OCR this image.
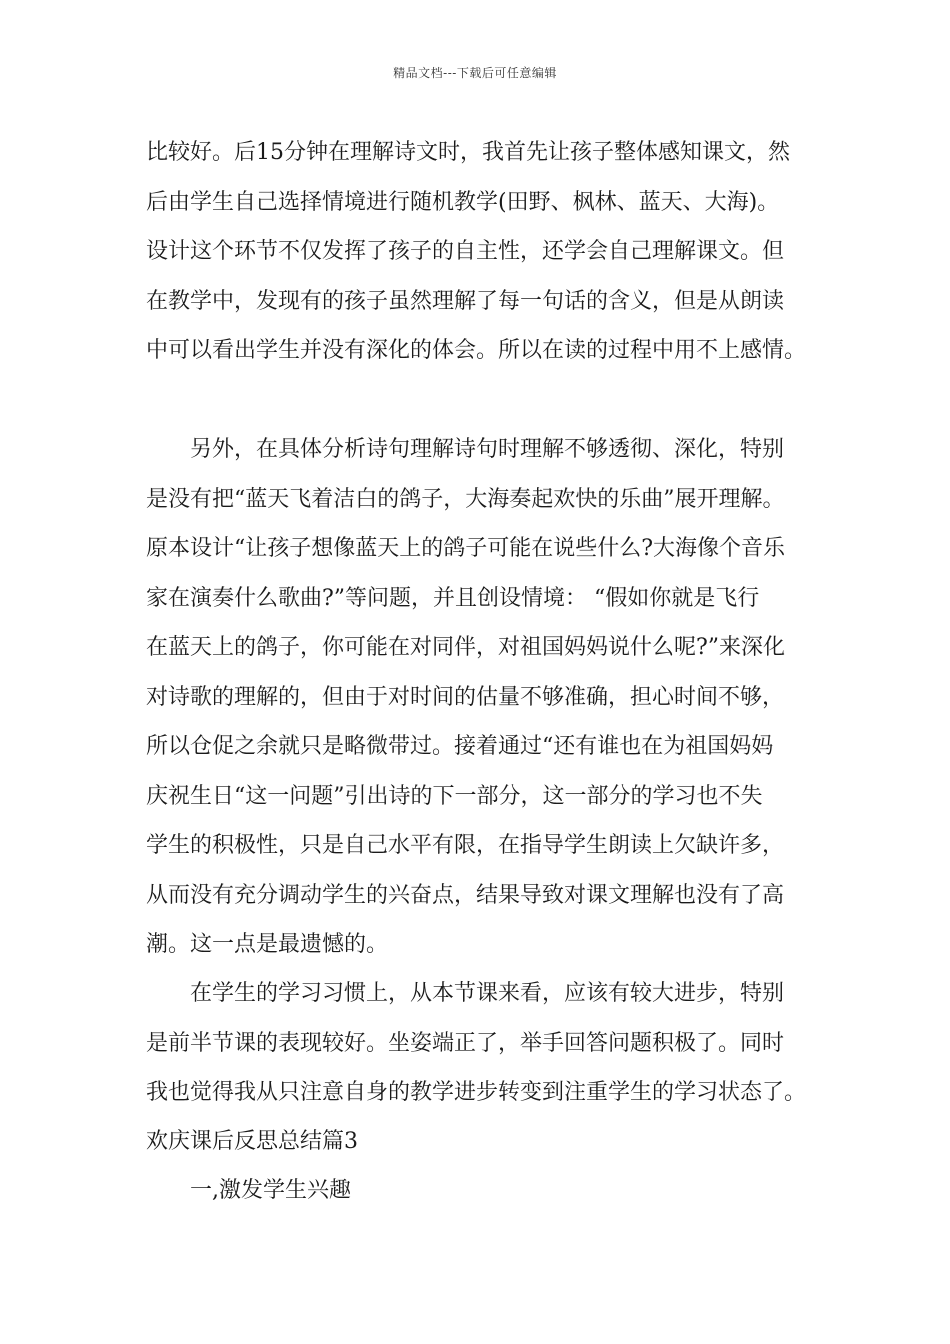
精品文档---下载后可任意编辑
比较好。后15分钟在理解诗文时，我首先让孩子整体感知课文，然
后由学生自己选择情境进行随机教学(田野、枫林、蓝天、大海)。
设计这个环节不仅发挥了孩子的自主性，还学会自己理解课文。但
在教学中，发现有的孩子虽然理解了每一句话的含义，但是从朗读
中可以看出学生并没有深化的体会。所以在读的过程中用不上感情。
另外，在具体分析诗句理解诗句时理解不够透彻、深化，特别
是没有把“蓝天飞着洁白的鸽子，大海奏起欢快的乐曲”展开理解。
原本设计“让孩子想像蓝天上的鸽子可能在说些什么?大海像个音乐
家在演奏什么歌曲?”等问题，并且创设情境： “假如你就是飞行
在蓝天上的鸽子，你可能在对同伴，对祖国妈妈说什么呢?”来深化
对诗歌的理解的，但由于对时间的估量不够准确，担心时间不够，
所以仓促之余就只是略微带过。接着通过“还有谁也在为祖国妈妈
庆祝生日“这一问题”引出诗的下一部分，这一部分的学习也不失
学生的积极性，只是自己水平有限，在指导学生朗读上欠缺许多，
从而没有充分调动学生的兴奋点，结果导致对课文理解也没有了高
潮。这一点是最遗憾的。
在学生的学习习惯上，从本节课来看，应该有较大进步，特别
是前半节课的表现较好。坐姿端正了，举手回答问题积极了。同时
我也觉得我从只注意自身的教学进步转变到注重学生的学习状态了。
欢庆课后反思总结篇3
一,激发学生兴趣
